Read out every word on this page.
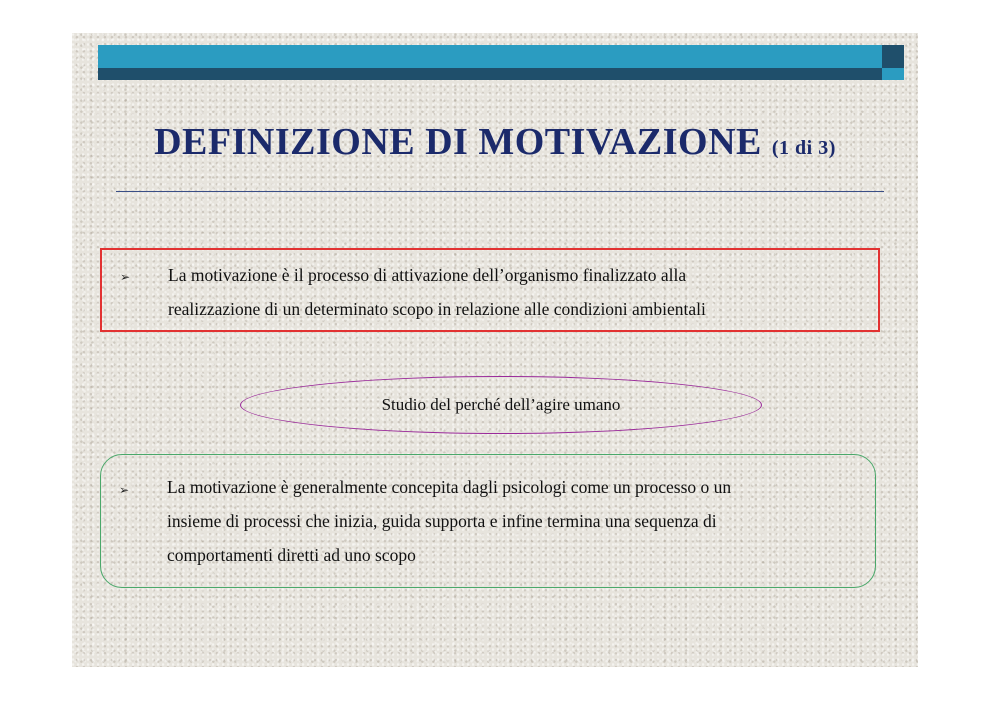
DEFINIZIONE DI MOTIVAZIONE (1 di 3)
➢ La motivazione è il processo di attivazione dell’organismo finalizzato alla
realizzazione di un determinato scopo in relazione alle condizioni ambientali

Studio del perché dell’agire umano
➢ La motivazione è generalmente concepita dagli psicologi come un processo o un
insieme di processi che inizia, guida supporta e infine termina una sequenza di
comportamenti diretti ad uno scopo
